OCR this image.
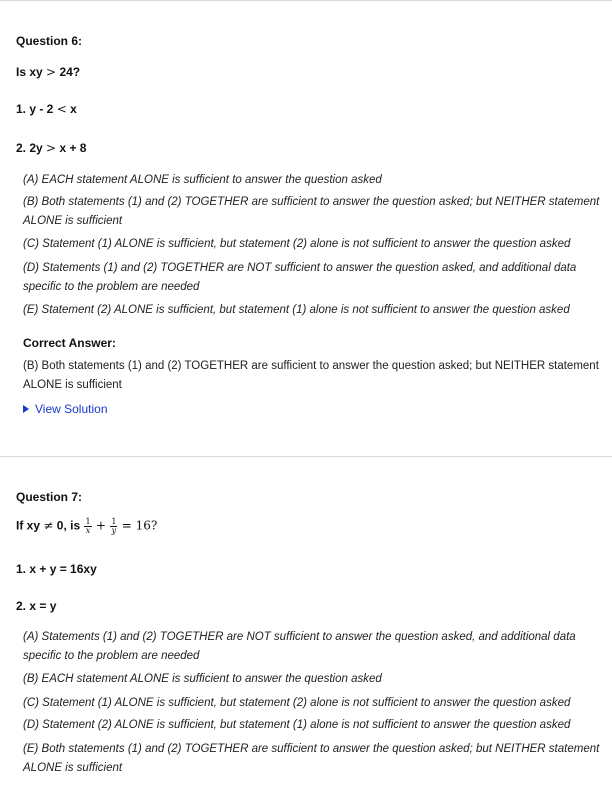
Question 6:
Is xy > 24?
1. y - 2 < x
2. 2y > x + 8

(A) EACH statement ALONE is sufficient to answer the question asked

(B) Both statements (1) and (2) TOGETHER are sufficient to answer the question asked; but NEITHER statement ALONE is sufficient

(C) Statement (1) ALONE is sufficient, but statement (2) alone is not sufficient to answer the question asked

(D) Statements (1) and (2) TOGETHER are NOT sufficient to answer the question asked, and additional data specific to the problem are needed

(E) Statement (2) ALONE is sufficient, but statement (1) alone is not sufficient to answer the question asked

Correct Answer:
(B) Both statements (1) and (2) TOGETHER are sufficient to answer the question asked; but NEITHER statement ALONE is sufficient
View Solution
Question 7:
If xy ≠ 0, is $\frac{1}{x} + \frac{1}{y} = 16$?
1. x + y = 16xy
2. x = y

(A) Statements (1) and (2) TOGETHER are NOT sufficient to answer the question asked, and additional data specific to the problem are needed

(B) EACH statement ALONE is sufficient to answer the question asked

(C) Statement (1) ALONE is sufficient, but statement (2) alone is not sufficient to answer the question asked

(D) Statement (2) ALONE is sufficient, but statement (1) alone is not sufficient to answer the question asked

(E) Both statements (1) and (2) TOGETHER are sufficient to answer the question asked; but NEITHER statement ALONE is sufficient
